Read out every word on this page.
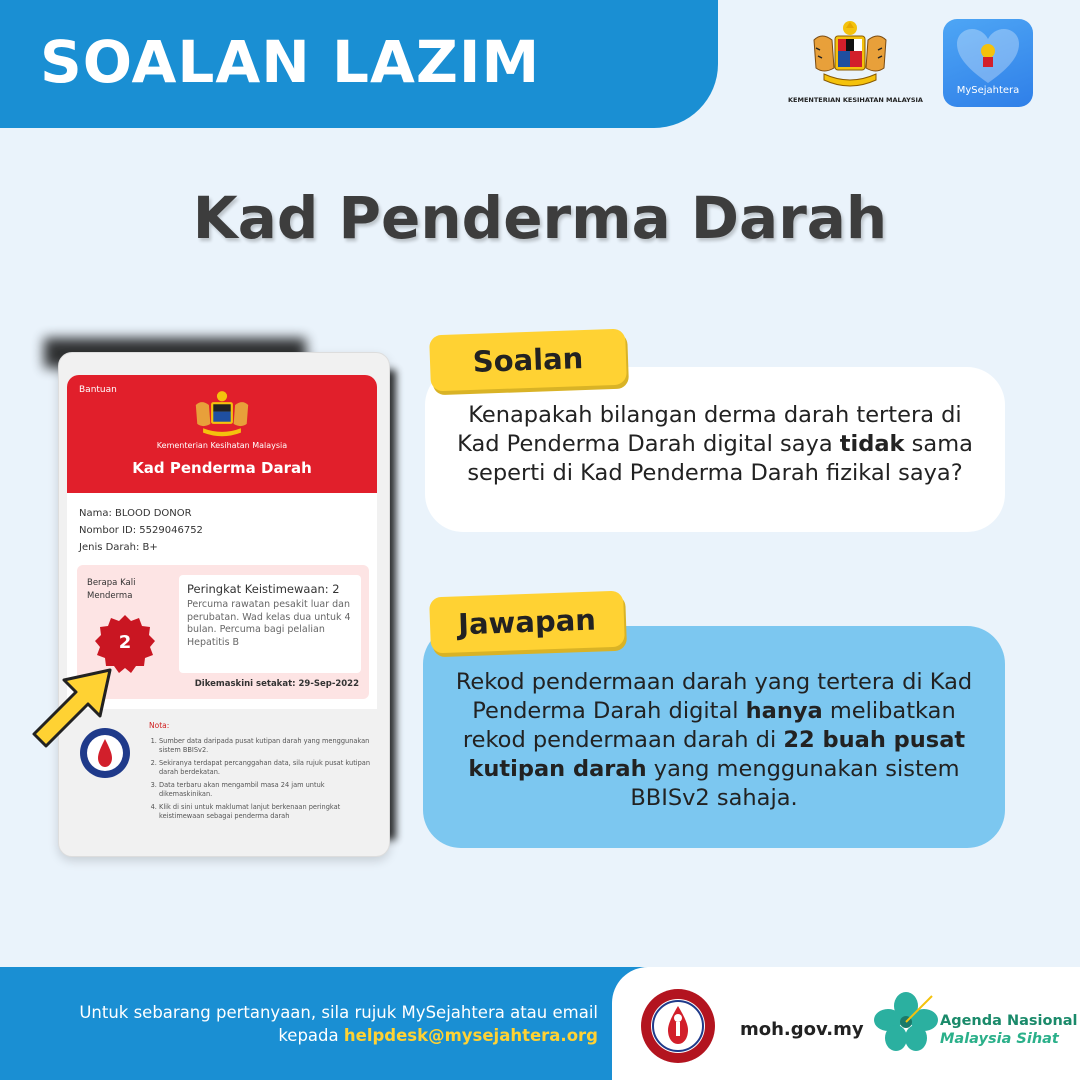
SOALAN LAZIM
KEMENTERIAN KESIHATAN MALAYSIA
MySejahtera
Kad Penderma Darah
Bantuan
Kementerian Kesihatan Malaysia
Kad Penderma Darah
Nama: BLOOD DONOR
Nombor ID: 5529046752
Jenis Darah: B+
Berapa Kali Menderma
2
Peringkat Keistimewaan: 2
Percuma rawatan pesakit luar dan perubatan. Wad kelas dua untuk 4 bulan. Percuma bagi pelalian Hepatitis B
Dikemaskini setakat: 29-Sep-2022
Nota:
1. Sumber data daripada pusat kutipan darah yang menggunakan sistem BBISv2.
2. Sekiranya terdapat percanggahan data, sila rujuk pusat kutipan darah berdekatan.
3. Data terbaru akan mengambil masa 24 jam untuk dikemaskinikan.
4. Klik di sini untuk maklumat lanjut berkenaan peringkat keistimewaan sebagai penderma darah
Soalan
Kenapakah bilangan derma darah tertera di Kad Penderma Darah digital saya tidak sama seperti di Kad Penderma Darah fizikal saya?
Jawapan
Rekod pendermaan darah yang tertera di Kad Penderma Darah digital hanya melibatkan rekod pendermaan darah di 22 buah pusat kutipan darah yang menggunakan sistem BBISv2 sahaja.
Untuk sebarang pertanyaan, sila rujuk MySejahtera atau email kepada helpdesk@mysejahtera.org	moh.gov.my	Agenda Nasional
Malaysia Sihat
